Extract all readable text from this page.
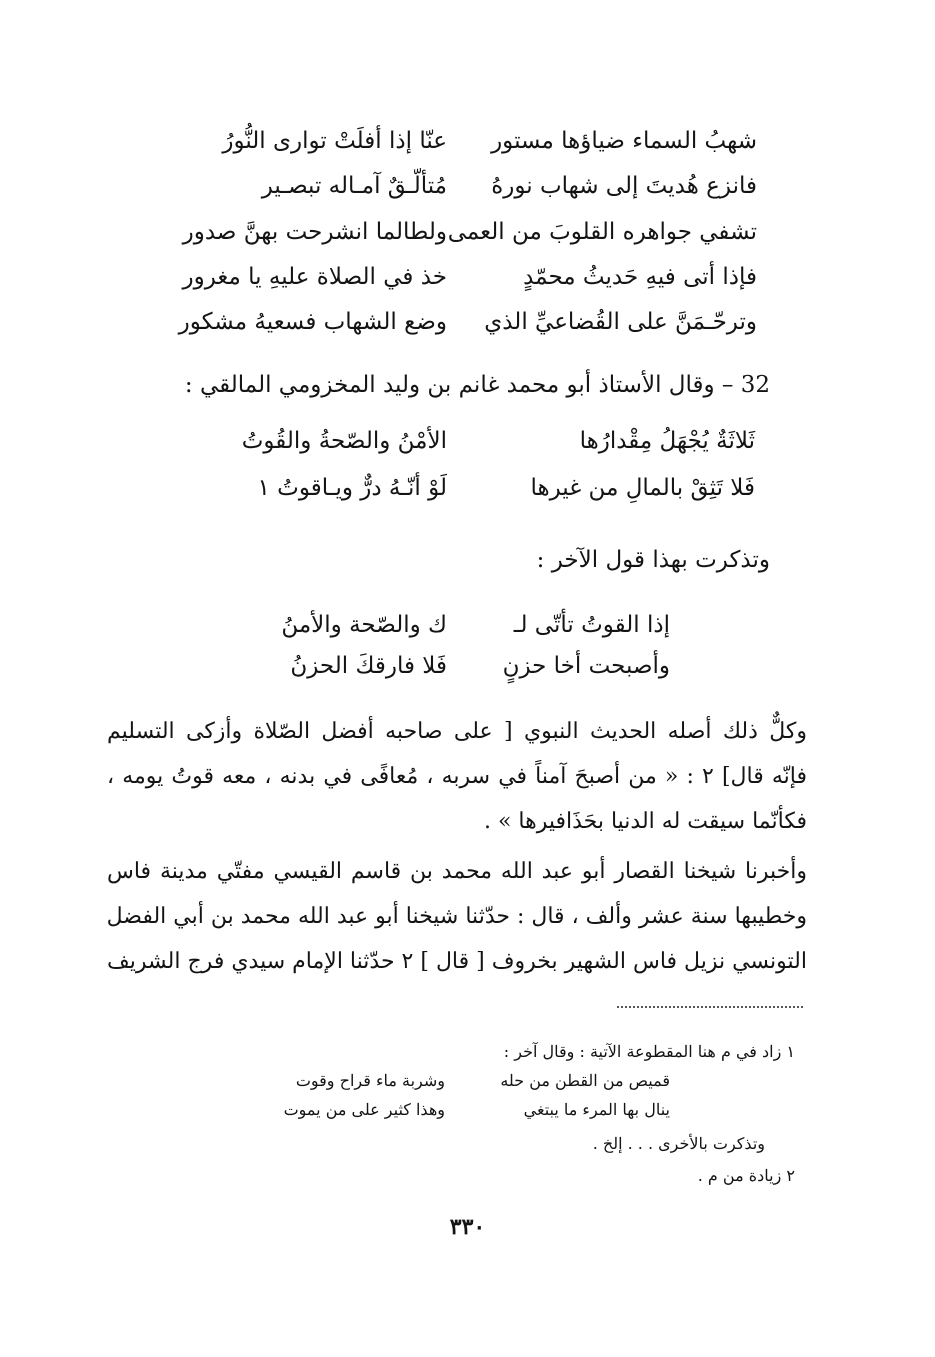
شهبُ السماء ضياؤها مستور
عنّا إذا أفلَتْ توارى النُّورُ
فانزع هُديتَ إلى شهاب نورهُ
مُتألّـقٌ آمـاله تبصـير
تشفي جواهره القلوبَ من العمى
ولطالما انشرحت بهنَّ صدور
فإذا أتى فيهِ حَديثُ محمّدٍ
خذ في الصلاة عليهِ يا مغرور
وترحّـمَنَّ على القُضاعيِّ الذي
وضع الشهاب فسعيهُ مشكور
32 – وقال الأستاذ أبو محمد غانم بن وليد المخزومي المالقي :
ثَلاثَةٌ يُجْهَلُ مِقْدارُها
الأمْنُ والصّحةُ والقُوتُ
فَلا تَثِقْ بالمالِ من غيرها
لَوْ أنّـهُ درٌّ ويـاقوتُ ١
وتذكرت بهذا قول الآخر :
إذا القوتُ تأتّى لـ
ك والصّحة والأمنُ
وأصبحت أخا حزنٍ
فَلا فارقكَ الحزنُ
وكلٌّ ذلك أصله الحديث النبوي [ على صاحبه أفضل الصّلاة وأزكى التسليم
فإنّه قال] ٢ : « من أصبحَ آمناً في سربه ، مُعافًى في بدنه ، معه قوتُ يومه ،
فكأنّما سيقت له الدنيا بحَذَافيرها » .
وأخبرنا شيخنا القصار أبو عبد الله محمد بن قاسم القيسي مفتّي مدينة فاس
وخطيبها سنة عشر وألف ، قال : حدّثنا شيخنا أبو عبد الله محمد بن أبي الفضل
التونسي نزيل فاس الشهير بخروف [ قال ] ٢ حدّثنا الإمام سيدي فرج الشريف
١ زاد في م هنا المقطوعة الآتية : وقال آخر :
قميص من القطن من حله
وشربة ماء قراح وقوت
ينال بها المرء ما يبتغي
وهذا كثير على من يموت
وتذكرت بالأخرى . . . إلخ .
٢ زيادة من م .
٣٣٠
